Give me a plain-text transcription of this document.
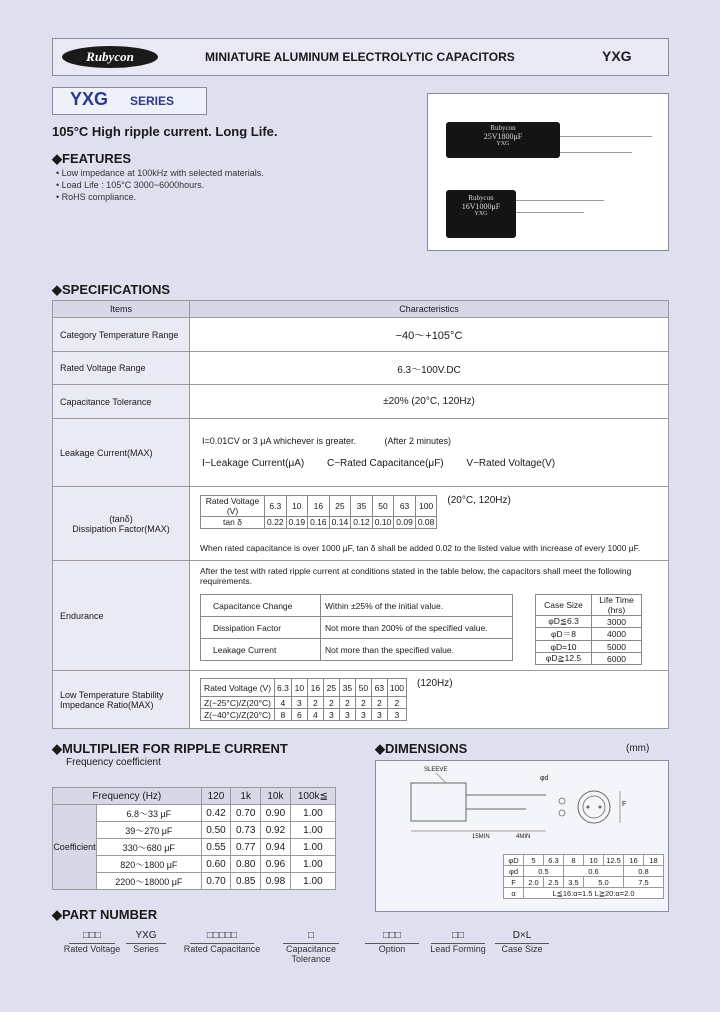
Rubycon	MINIATURE ALUMINUM ELECTROLYTIC CAPACITORS	YXG
YXG SERIES
105°C High ripple current. Long Life.
◆FEATURES
• Low impedance at 100kHz with selected materials.
• Load Life : 105°C 3000~6000hours.
• RoHS compliance.
Rubycon
25V1800μF
YXG
Rubycon
16V1000μF
YXG
◆SPECIFICATIONS
Items	Characteristics
Category Temperature Range	−40～+105°C
Rated Voltage Range	6.3～100V.DC
Capacitance Tolerance	±20% (20°C, 120Hz)
Leakage Current(MAX)	
I=0.01CV or 3 μA whichever is greater.	(After 2 minutes)
I−Leakage Current(μA) C−Rated Capacitance(μF) V−Rated Voltage(V)

(tanδ)
Dissipation Factor(MAX)

Rated Voltage (V)	6.3	10	16	25	35	50	63	100
tan δ	0.22	0.19	0.16	0.14	0.12	0.10	0.09	0.08
(20°C, 120Hz)
When rated capacitance is over 1000 μF, tan δ shall be added 0.02 to the listed value with increase of every 1000 μF.

Endurance	
After the test with rated ripple current at conditions stated in the table below, the capacitors shall meet the following requirements.
Capacitance Change	Within ±25% of the initial value.
Dissipation Factor	Not more than 200% of the specified value.
Leakage Current	Not more than the specified value.
Case Size	Life Time (hrs)
φD≦6.3	3000
φD＝8	4000
φD=10	5000
φD≧12.5	6000

Low Temperature Stability
Impedance Ratio(MAX)

Rated Voltage (V)	6.3	10	16	25	35	50	63	100
Z(−25°C)/Z(20°C)	4	3	2	2	2	2	2	2
Z(−40°C)/Z(20°C)	8	6	4	3	3	3	3	3
(120Hz)
◆MULTIPLIER FOR RIPPLE CURRENT
Frequency coefficient
Frequency (Hz)		120	1k	10k	100k≦
Coefficient	6.8～33 μF	0.42	0.70	0.90	1.00
	39～270 μF	0.50	0.73	0.92	1.00
	330～680 μF	0.55	0.77	0.94	1.00
	820～1800 μF	0.60	0.80	0.96	1.00
	2200～18000 μF	0.70	0.85	0.98	1.00
◆DIMENSIONS	(mm)
SLEEVE
15MIN	4MIN
φd
F
φD	5	6.3	8	10	12.5	16	18
φd	0.5		0.6			0.8	
F	2.0	2.5	3.5	5.0		7.5	
α	L≦16:α=1.5 L≧20:α=2.0						
◆PART NUMBER
□□□
Rated Voltage
YXG
Series
□□□□□
Rated Capacitance
□
Capacitance Tolerance
□□□
Option
□□
Lead Forming
D×L
Case Size
